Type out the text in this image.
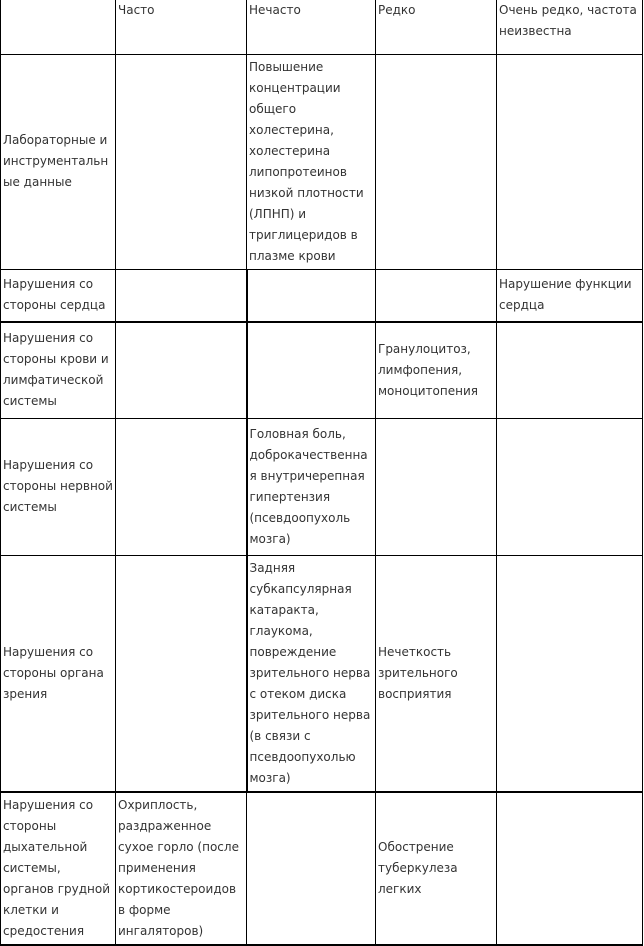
	Часто	Нечасто	Редко	Очень редко, частота неизвестна
Лабораторные и инструментальные данные		Повышение концентрации общего холестерина, холестерина липопротеинов низкой плотности (ЛПНП) и триглицеридов в плазме крови		
Нарушения со стороны сердца				Нарушение функции сердца
Нарушения со стороны крови и лимфатической системы			Гранулоцитоз, лимфопения, моноцитопения	
Нарушения со стороны нервной системы		Головная боль, доброкачественная внутричерепная гипертензия (псевдоопухоль мозга)		
Нарушения со стороны органа зрения		Задняя субкапсулярная катаракта, глаукома, повреждение зрительного нерва с отеком диска зрительного нерва (в связи с псевдоопухолью мозга)	Нечеткость зрительного восприятия	
Нарушения со стороны дыхательной системы, органов грудной клетки и средостения	Охриплость, раздраженное сухое горло (после применения кортикостероидов в форме ингаляторов)		Обострение туберкулеза легких	
